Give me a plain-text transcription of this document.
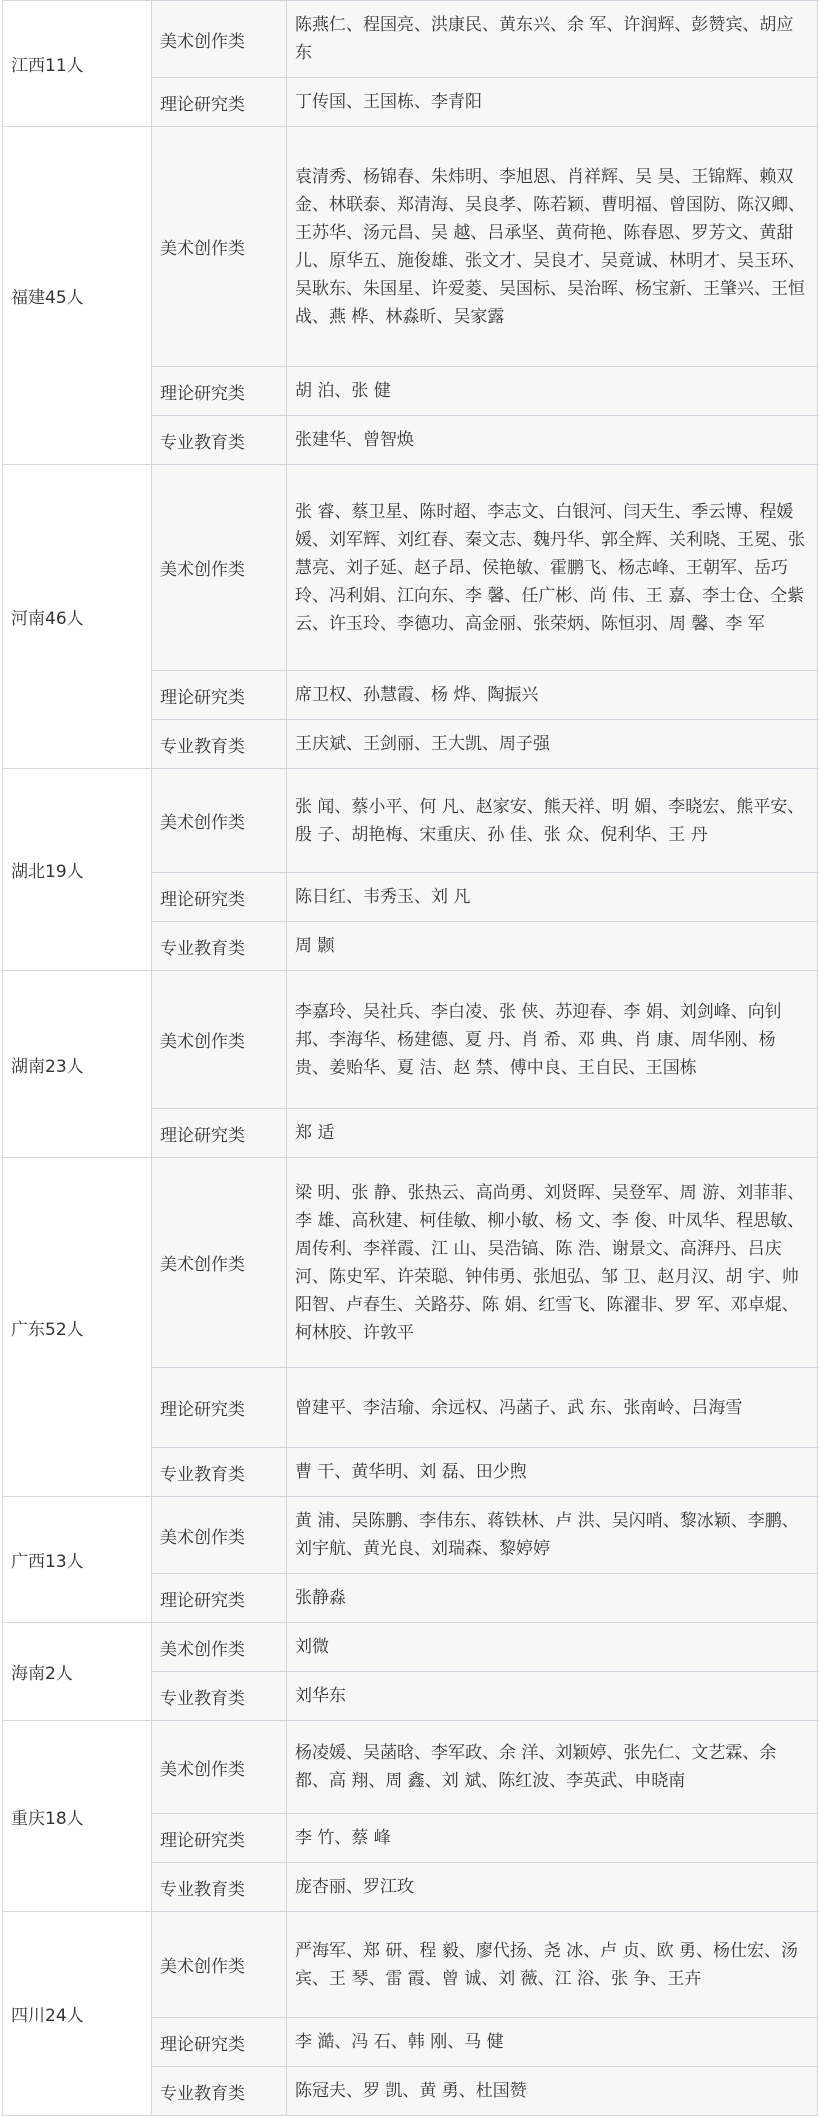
江西11人	美术创作类	陈燕仁、程国亮、洪康民、黄东兴、余 军、许润辉、彭赞宾、胡应东
	理论研究类	丁传国、王国栋、李青阳
福建45人	美术创作类	袁清秀、杨锦春、朱炜明、李旭恩、肖祥辉、吴 昊、王锦辉、赖双金、林联泰、郑清海、吴良孝、陈若颖、曹明福、曾国防、陈汉卿、王苏华、汤元昌、吴 越、吕承坚、黄荷艳、陈春恩、罗芳文、黄甜儿、原华五、施俊雄、张文才、吴良才、吴竟诚、林明才、吴玉环、吴耿东、朱国星、许爱菱、吴国标、吴治晖、杨宝新、王肇兴、王恒战、燕 桦、林淼昕、吴家露
	理论研究类	胡 泊、张 健
	专业教育类	张建华、曾智焕
河南46人	美术创作类	张 睿、蔡卫星、陈时超、李志文、白银河、闫天生、季云博、程媛媛、刘军辉、刘红春、秦文志、魏丹华、郭全辉、关利晓、王冕、张慧亮、刘子延、赵子昂、侯艳敏、霍鹏飞、杨志峰、王朝军、岳巧玲、冯利娟、江向东、李 馨、任广彬、尚 伟、王 嘉、李士仓、仝紫云、许玉玲、李德功、高金丽、张荣炳、陈恒羽、周 馨、李 军
	理论研究类	席卫权、孙慧霞、杨 烨、陶振兴
	专业教育类	王庆斌、王剑丽、王大凯、周子强
湖北19人	美术创作类	张 闻、蔡小平、何 凡、赵家安、熊天祥、明 媚、李晓宏、熊平安、殷 子、胡艳梅、宋重庆、孙 佳、张 众、倪利华、王 丹
	理论研究类	陈日红、韦秀玉、刘 凡
	专业教育类	周 颢
湖南23人	美术创作类	李嘉玲、吴社兵、李白凌、张 侠、苏迎春、李 娟、刘剑峰、向钊邦、李海华、杨建德、夏 丹、肖 希、邓 典、肖 康、周华刚、杨 贵、姜贻华、夏 洁、赵 禁、傅中良、王自民、王国栋
	理论研究类	郑 适
广东52人	美术创作类	梁 明、张 静、张热云、高尚勇、刘贤晖、吴登军、周 游、刘菲菲、李 雄、高秋建、柯佳敏、柳小敏、杨 文、李 俊、叶凤华、程思敏、周传利、李祥霞、江 山、吴浩镐、陈 浩、谢景文、高湃丹、吕庆河、陈史军、许荣聪、钟伟勇、张旭弘、邹 卫、赵月汉、胡 宇、帅阳智、卢春生、关路芬、陈 娟、红雪飞、陈濯非、罗 军、邓卓焜、柯林胶、许敦平
	理论研究类	曾建平、李洁瑜、余远权、冯菡子、武 东、张南岭、吕海雪
	专业教育类	曹 干、黄华明、刘 磊、田少煦
广西13人	美术创作类	黄 浦、吴陈鹏、李伟东、蒋铁林、卢 洪、吴闪哨、黎冰颖、李鹏、刘宇航、黄光良、刘瑞森、黎婷婷
	理论研究类	张静淼
海南2人	美术创作类	刘微
	专业教育类	刘华东
重庆18人	美术创作类	杨凌媛、吴菡晗、李军政、余 洋、刘颖婷、张先仁、文艺霖、余都、高 翔、周 鑫、刘 斌、陈红波、李英武、申晓南
	理论研究类	李 竹、蔡 峰
	专业教育类	庞杏丽、罗江玫
四川24人	美术创作类	严海军、郑 研、程 毅、廖代扬、尧 冰、卢 贞、欧 勇、杨仕宏、汤 宾、王 琴、雷 霞、曾 诚、刘 薇、江 浴、张 争、王卉
	理论研究类	李 澔、冯 石、韩 刚、马 健
	专业教育类	陈冠夫、罗 凯、黄 勇、杜国赞
